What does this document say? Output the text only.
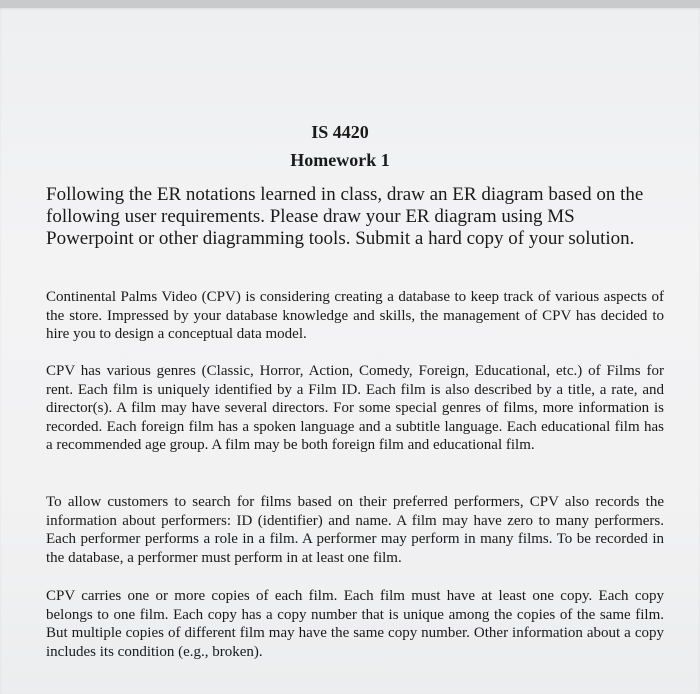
IS 4420
Homework 1

Following the ER notations learned in class, draw an ER diagram based on the following user requirements. Please draw your ER diagram using MS Powerpoint or other diagramming tools. Submit a hard copy of your solution.

Continental Palms Video (CPV) is considering creating a database to keep track of various aspects of the store. Impressed by your database knowledge and skills, the management of CPV has decided to hire you to design a conceptual data model.

CPV has various genres (Classic, Horror, Action, Comedy, Foreign, Educational, etc.) of Films for rent. Each film is uniquely identified by a Film ID. Each film is also described by a title, a rate, and director(s). A film may have several directors. For some special genres of films, more information is recorded. Each foreign film has a spoken language and a subtitle language. Each educational film has a recommended age group. A film may be both foreign film and educational film.

To allow customers to search for films based on their preferred performers, CPV also records the information about performers: ID (identifier) and name. A film may have zero to many performers. Each performer performs a role in a film. A performer may perform in many films. To be recorded in the database, a performer must perform in at least one film.

CPV carries one or more copies of each film. Each film must have at least one copy. Each copy belongs to one film. Each copy has a copy number that is unique among the copies of the same film. But multiple copies of different film may have the same copy number. Other information about a copy includes its condition (e.g., broken).
